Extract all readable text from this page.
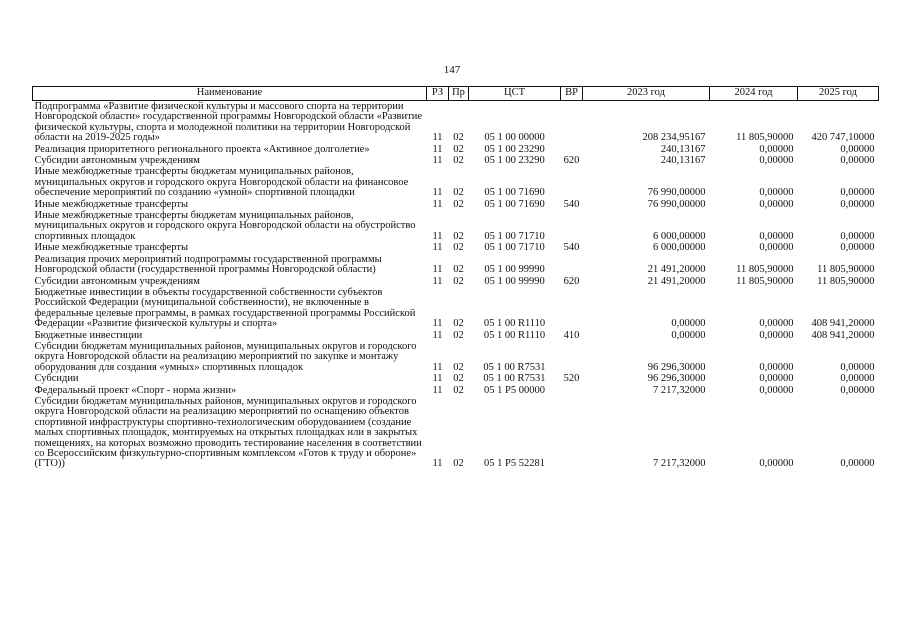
147
Наименование	РЗ	Пр	ЦСТ	ВР	2023 год	2024 год	2025 год
Подпрограмма «Развитие физической культуры и массового спорта на территории Новгородской области» государственной программы Новгородской области «Развитие физической культуры, спорта и молодежной политики на территории Новгородской области на 2019-2025 годы»	11	02	05 1 00 00000		208 234,95167	11 805,90000	420 747,10000
Реализация приоритетного регионального проекта «Активное долголетие»	11	02	05 1 00 23290		240,13167	0,00000	0,00000
Субсидии автономным учреждениям	11	02	05 1 00 23290	620	240,13167	0,00000	0,00000
Иные межбюджетные трансферты бюджетам муниципальных районов, муниципальных округов и городского округа Новгородской области на финансовое обеспечение мероприятий по созданию «умной» спортивной площадки	11	02	05 1 00 71690		76 990,00000	0,00000	0,00000
Иные межбюджетные трансферты	11	02	05 1 00 71690	540	76 990,00000	0,00000	0,00000
Иные межбюджетные трансферты бюджетам муниципальных районов, муниципальных округов и городского округа Новгородской области на обустройство спортивных площадок	11	02	05 1 00 71710		6 000,00000	0,00000	0,00000
Иные межбюджетные трансферты	11	02	05 1 00 71710	540	6 000,00000	0,00000	0,00000
Реализация прочих мероприятий подпрограммы государственной программы Новгородской области (государственной программы Новгородской области)	11	02	05 1 00 99990		21 491,20000	11 805,90000	11 805,90000
Субсидии автономным учреждениям	11	02	05 1 00 99990	620	21 491,20000	11 805,90000	11 805,90000
Бюджетные инвестиции в объекты государственной собственности субъектов Российской Федерации (муниципальной собственности), не включенные в федеральные целевые программы, в рамках государственной программы Российской Федерации «Развитие физической культуры и спорта»	11	02	05 1 00 R1110		0,00000	0,00000	408 941,20000
Бюджетные инвестиции	11	02	05 1 00 R1110	410	0,00000	0,00000	408 941,20000
Субсидии бюджетам муниципальных районов, муниципальных округов и городского округа Новгородской области на реализацию мероприятий по закупке и монтажу оборудования для создания «умных» спортивных площадок	11	02	05 1 00 R7531		96 296,30000	0,00000	0,00000
Субсидии	11	02	05 1 00 R7531	520	96 296,30000	0,00000	0,00000
Федеральный проект «Спорт - норма жизни»	11	02	05 1 P5 00000		7 217,32000	0,00000	0,00000
Субсидии бюджетам муниципальных районов, муниципальных округов и городского округа Новгородской области на реализацию мероприятий по оснащению объектов спортивной инфраструктуры спортивно-технологическим оборудованием (создание малых спортивных площадок, монтируемых на открытых площадках или в закрытых помещениях, на которых возможно проводить тестирование населения в соответствии со Всероссийским физкультурно-спортивным комплексом «Готов к труду и обороне» (ГТО))	11	02	05 1 P5 52281		7 217,32000	0,00000	0,00000
